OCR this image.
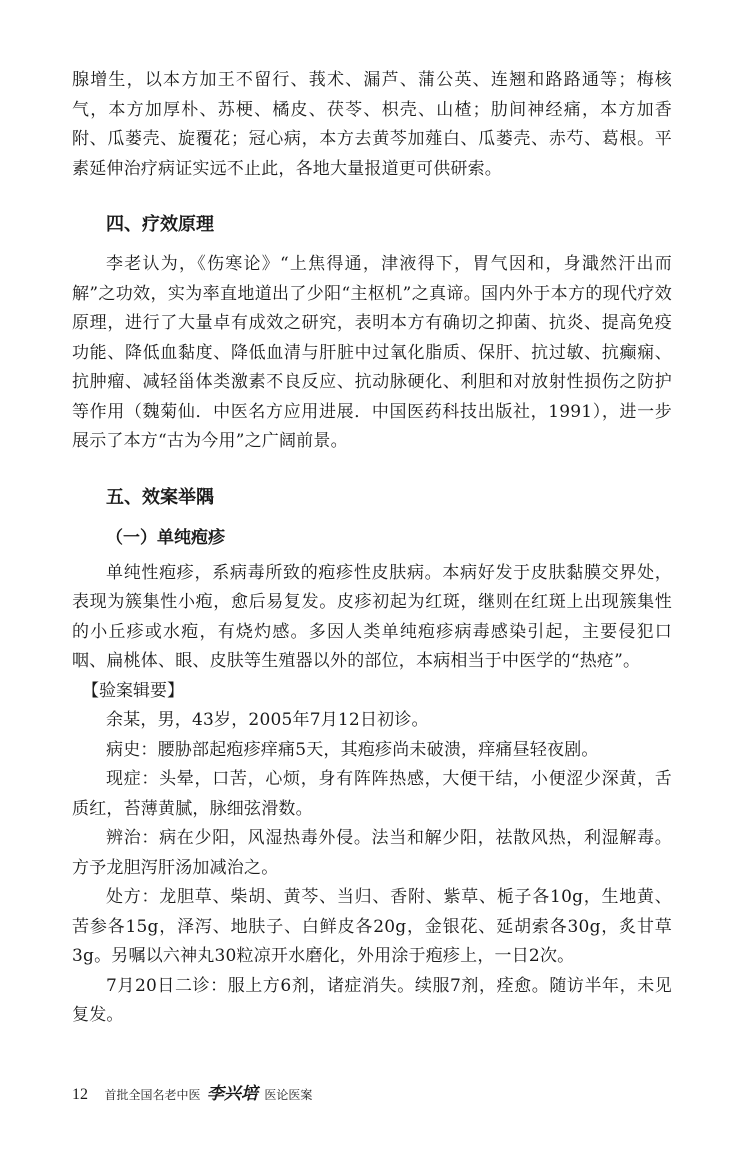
腺增生，以本方加王不留行、莪术、漏芦、蒲公英、连翘和路路通等；梅核气，本方加厚朴、苏梗、橘皮、茯苓、枳壳、山楂；肋间神经痛，本方加香附、瓜蒌壳、旋覆花；冠心病，本方去黄芩加薤白、瓜蒌壳、赤芍、葛根。平素延伸治疗病证实远不止此，各地大量报道更可供研索。

四、疗效原理

李老认为，《伤寒论》“上焦得通，津液得下，胃气因和，身濈然汗出而解”之功效，实为率直地道出了少阳“主枢机”之真谛。国内外于本方的现代疗效原理，进行了大量卓有成效之研究，表明本方有确切之抑菌、抗炎、提高免疫功能、降低血黏度、降低血清与肝脏中过氧化脂质、保肝、抗过敏、抗癫痫、抗肿瘤、减轻甾体类激素不良反应、抗动脉硬化、利胆和对放射性损伤之防护等作用（魏菊仙．中医名方应用进展．中国医药科技出版社，1991），进一步展示了本方“古为今用”之广阔前景。

五、效案举隅
（一）单纯疱疹

单纯性疱疹，系病毒所致的疱疹性皮肤病。本病好发于皮肤黏膜交界处，表现为簇集性小疱，愈后易复发。皮疹初起为红斑，继则在红斑上出现簇集性的小丘疹或水疱，有烧灼感。多因人类单纯疱疹病毒感染引起，主要侵犯口咽、扁桃体、眼、皮肤等生殖器以外的部位，本病相当于中医学的“热疮”。

【验案辑要】

余某，男，43岁，2005年7月12日初诊。

病史：腰胁部起疱疹痒痛5天，其疱疹尚未破溃，痒痛昼轻夜剧。

现症：头晕，口苦，心烦，身有阵阵热感，大便干结，小便涩少深黄，舌质红，苔薄黄腻，脉细弦滑数。

辨治：病在少阳，风湿热毒外侵。法当和解少阳，祛散风热，利湿解毒。方予龙胆泻肝汤加减治之。

处方：龙胆草、柴胡、黄芩、当归、香附、紫草、栀子各10g，生地黄、苦参各15g，泽泻、地肤子、白鲜皮各20g，金银花、延胡索各30g，炙甘草3g。另嘱以六神丸30粒凉开水磨化，外用涂于疱疹上，一日2次。

7月20日二诊：服上方6剂，诸症消失。续服7剂，痊愈。随访半年，未见复发。

12 首批全国名老中医 李兴培 医论医案
